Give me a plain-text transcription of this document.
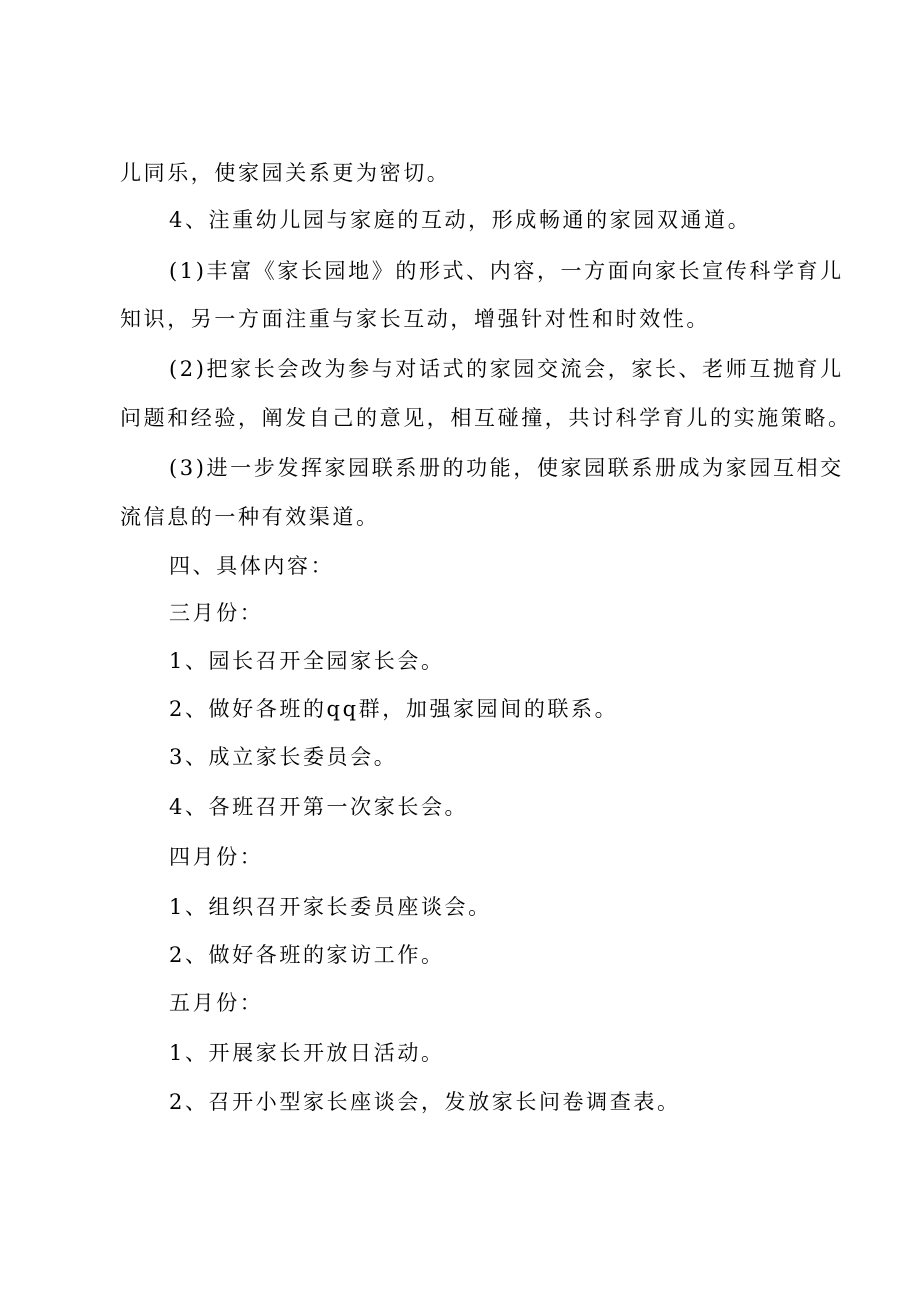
儿同乐，使家园关系更为密切。
4、注重幼儿园与家庭的互动，形成畅通的家园双通道。
(1)丰富《家长园地》的形式、内容，一方面向家长宣传科学育儿
知识，另一方面注重与家长互动，增强针对性和时效性。
(2)把家长会改为参与对话式的家园交流会，家长、老师互抛育儿
问题和经验，阐发自己的意见，相互碰撞，共讨科学育儿的实施策略。
(3)进一步发挥家园联系册的功能，使家园联系册成为家园互相交
流信息的一种有效渠道。
四、具体内容：
三月份：
1、园长召开全园家长会。
2、做好各班的qq群，加强家园间的联系。
3、成立家长委员会。
4、各班召开第一次家长会。
四月份：
1、组织召开家长委员座谈会。
2、做好各班的家访工作。
五月份：
1、开展家长开放日活动。
2、召开小型家长座谈会，发放家长问卷调查表。
